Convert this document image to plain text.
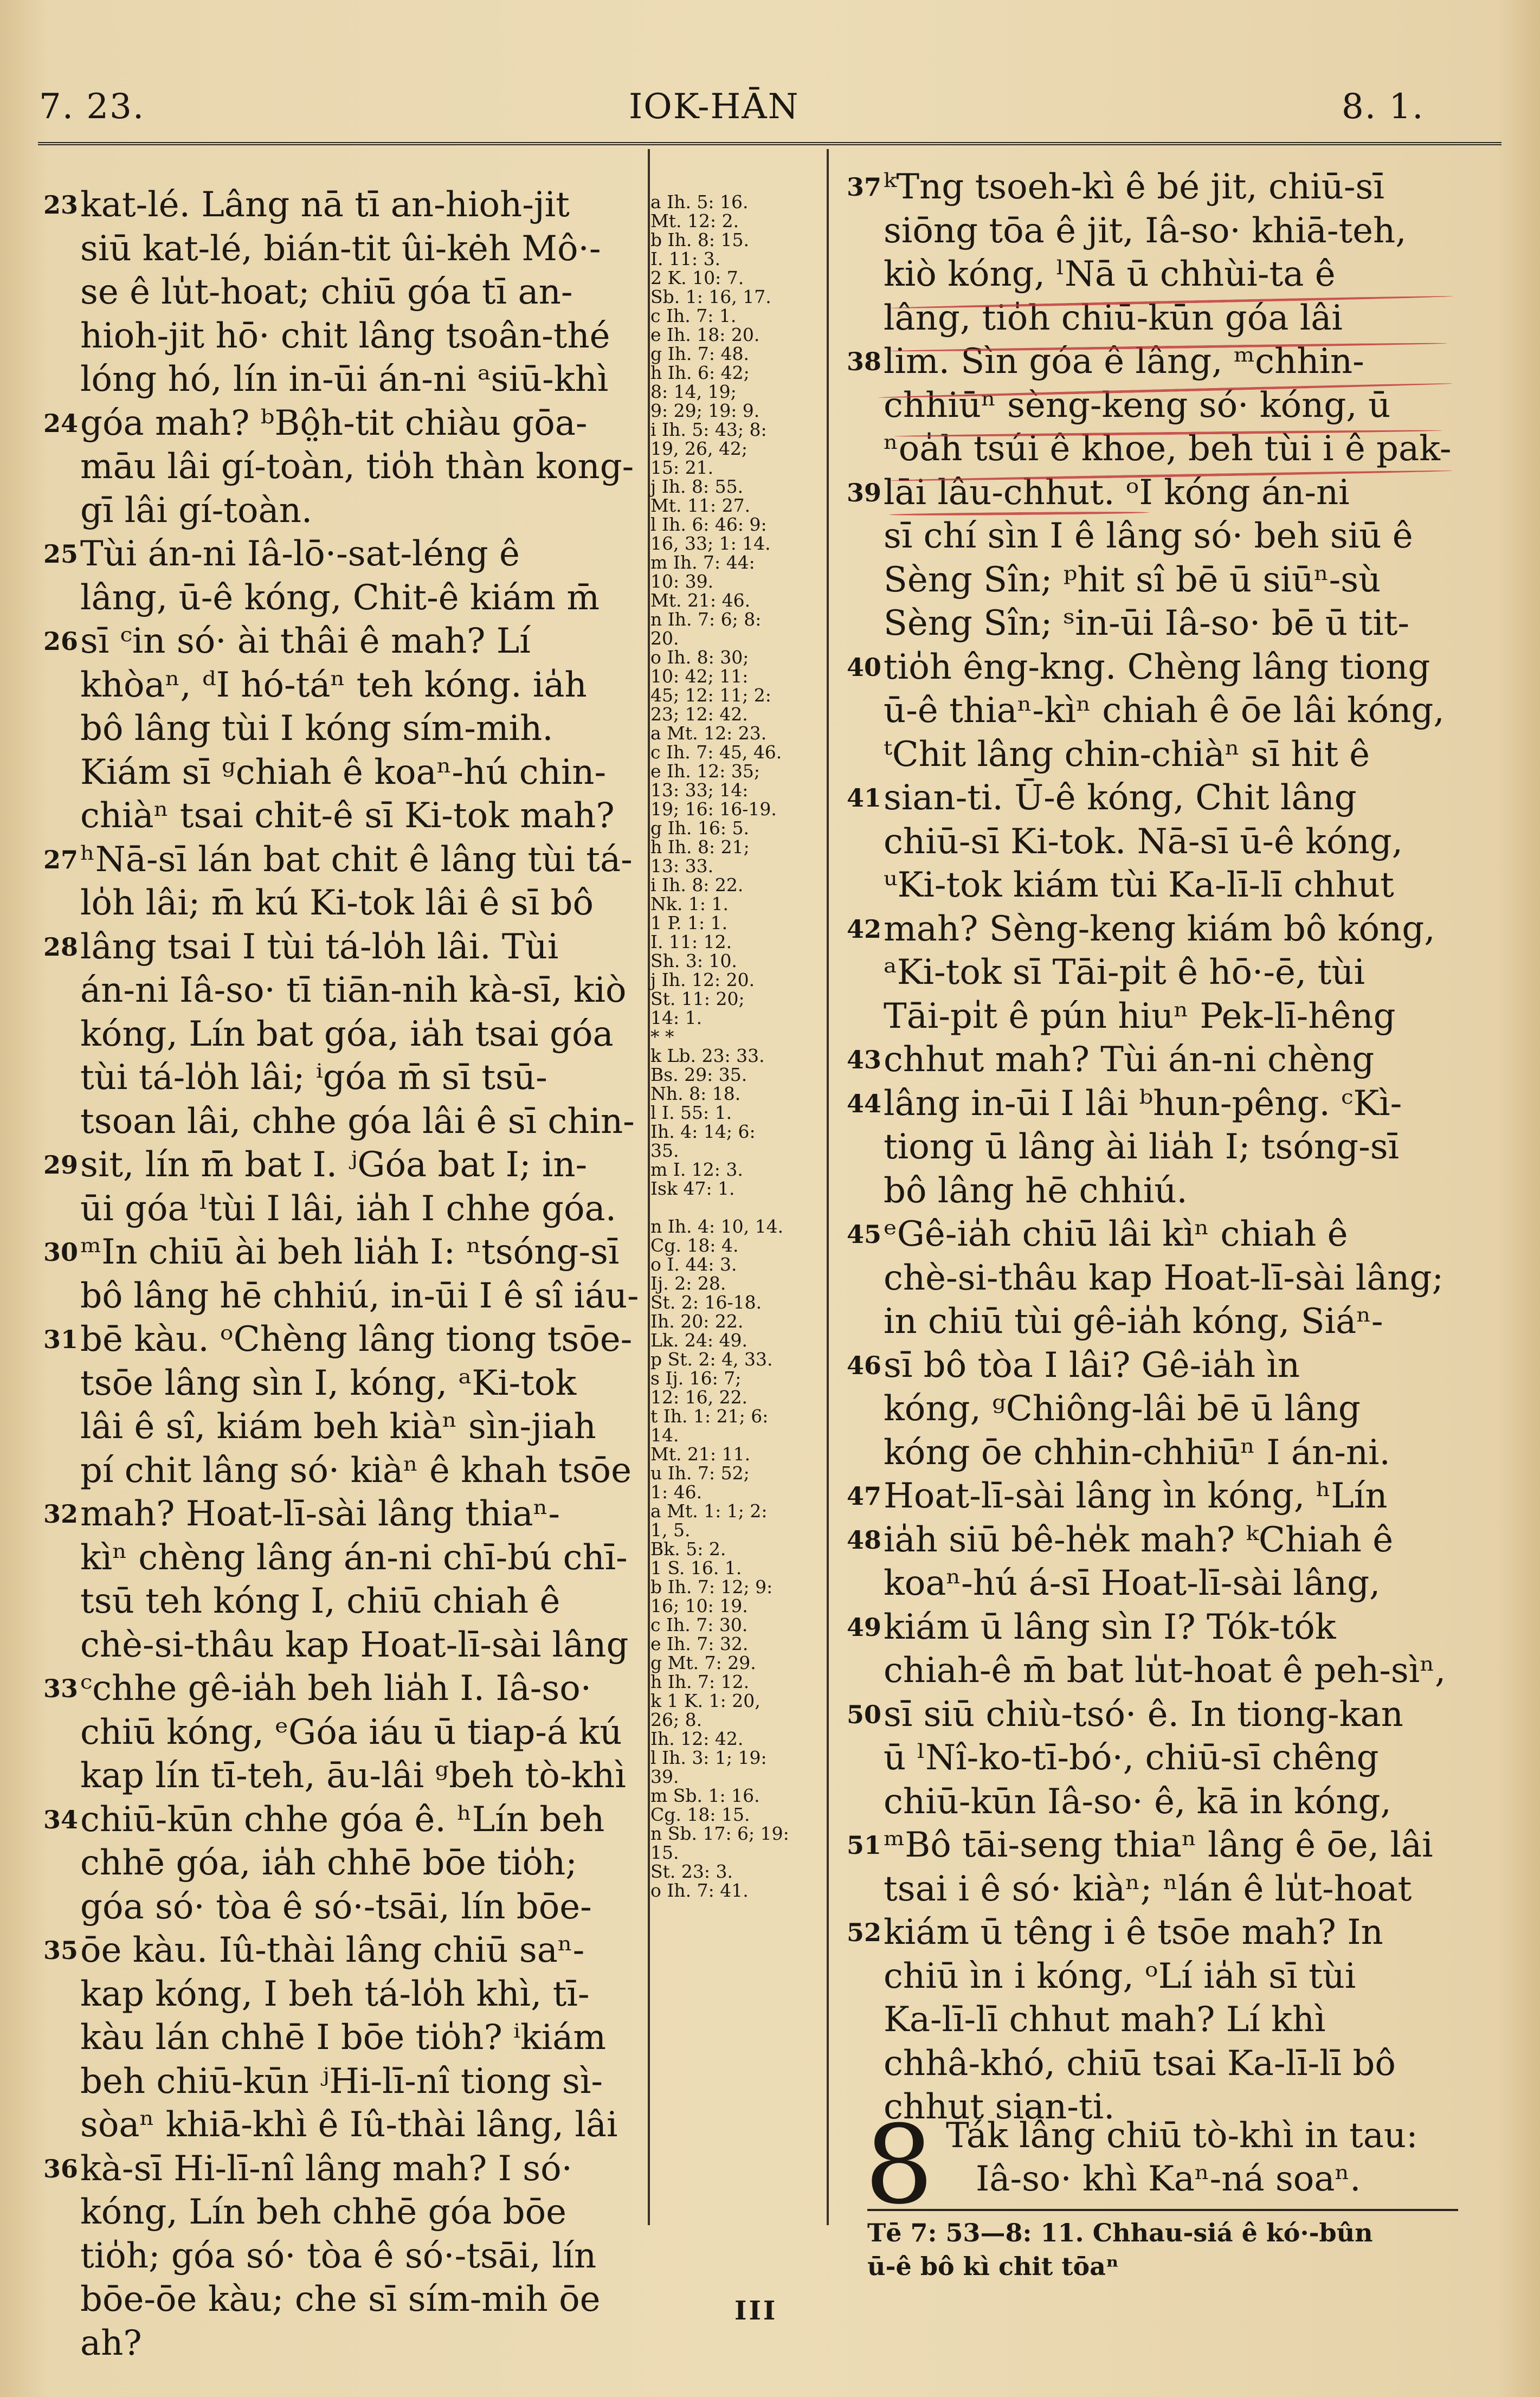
7. 23.	IOK-HĀN	8. 1.
23 kat-lé. Lâng nā tī an-hioh-jit
siū kat-lé, bián-tit ûi-kėh Mô·-
se ê lu̍t-hoat; chiū góa tī an-
hioh-jit hō· chit lâng tsoân-thé
lóng hó, lín in-ūi án-ni ᵃsiū-khì
24 góa mah? ᵇBô̤h-tit chiàu gōa-
māu lâi gí-toàn, tio̍h thàn kong-
gī lâi gí-toàn.
25 Tùi án-ni Iâ-lō·-sat-léng ê
lâng, ū-ê kóng, Chit-ê kiám m̄
26 sī ᶜin só· ài thâi ê mah? Lí
khòaⁿ, ᵈI hó-táⁿ teh kóng. ia̍h
bô lâng tùi I kóng sím-mih.
Kiám sī ᵍchiah ê koaⁿ-hú chin-
chiàⁿ tsai chit-ê sī Ki-tok mah?
27 ʰNā-sī lán bat chit ê lâng tùi tá-
lo̍h lâi; m̄ kú Ki-tok lâi ê sī bô
28 lâng tsai I tùi tá-lo̍h lâi. Tùi
án-ni Iâ-so· tī tiān-nih kà-sī, kiò
kóng, Lín bat góa, ia̍h tsai góa
tùi tá-lo̍h lâi; ⁱgóa m̄ sī tsū-
tsoan lâi, chhe góa lâi ê sī chin-
29 sit, lín m̄ bat I. ʲGóa bat I; in-
ūi góa ˡtùi I lâi, ia̍h I chhe góa.
30 ᵐIn chiū ài beh lia̍h I: ⁿtsóng-sī
bô lâng hē chhiú, in-ūi I ê sî iáu-
31 bē kàu. ᵒChèng lâng tiong tsōe-
tsōe lâng sìn I, kóng, ᵃKi-tok
lâi ê sî, kiám beh kiàⁿ sìn-jiah
pí chit lâng só· kiàⁿ ê khah tsōe
32 mah? Hoat-lī-sài lâng thiaⁿ-
kìⁿ chèng lâng án-ni chī-bú chī-
tsū teh kóng I, chiū chiah ê
chè-si-thâu kap Hoat-lī-sài lâng
33 ᶜchhe gê-ia̍h beh lia̍h I. Iâ-so·
chiū kóng, ᵉGóa iáu ū tiap-á kú
kap lín tī-teh, āu-lâi ᵍbeh tò-khì
34 chiū-kūn chhe góa ê. ʰLín beh
chhē góa, ia̍h chhē bōe tio̍h;
góa só· tòa ê só·-tsāi, lín bōe-
35 ōe kàu. Iû-thài lâng chiū saⁿ-
kap kóng, I beh tá-lo̍h khì, tī-
kàu lán chhē I bōe tio̍h? ⁱkiám
beh chiū-kūn ʲHi-lī-nî tiong sì-
sòaⁿ khiā-khì ê Iû-thài lâng, lâi
36 kà-sī Hi-lī-nî lâng mah? I só·
kóng, Lín beh chhē góa bōe
tio̍h; góa só· tòa ê só·-tsāi, lín
bōe-ōe kàu; che sī sím-mih ōe
ah?
a Ih. 5: 16.
Mt. 12: 2.
b Ih. 8: 15.
I. 11: 3.
2 K. 10: 7.
Sb. 1: 16, 17.
c Ih. 7: 1.
e Ih. 18: 20.
g Ih. 7: 48.
h Ih. 6: 42;
8: 14, 19;
9: 29; 19: 9.
i Ih. 5: 43; 8:
19, 26, 42;
15: 21.
j Ih. 8: 55.
Mt. 11: 27.
l Ih. 6: 46: 9:
16, 33; 1: 14.
m Ih. 7: 44:
10: 39.
Mt. 21: 46.
n Ih. 7: 6; 8:
20.
o Ih. 8: 30;
10: 42; 11:
45; 12: 11; 2:
23; 12: 42.
a Mt. 12: 23.
c Ih. 7: 45, 46.
e Ih. 12: 35;
13: 33; 14:
19; 16: 16-19.
g Ih. 16: 5.
h Ih. 8: 21;
13: 33.
i Ih. 8: 22.
Nk. 1: 1.
1 P. 1: 1.
I. 11: 12.
Sh. 3: 10.
j Ih. 12: 20.
St. 11: 20;
14: 1.
* *
k Lb. 23: 33.
Bs. 29: 35.
Nh. 8: 18.
l I. 55: 1.
Ih. 4: 14; 6:
35.
m I. 12: 3.
Isk 47: 1.
n Ih. 4: 10, 14.
Cg. 18: 4.
o I. 44: 3.
Ij. 2: 28.
St. 2: 16-18.
Ih. 20: 22.
Lk. 24: 49.
p St. 2: 4, 33.
s Ij. 16: 7;
12: 16, 22.
t Ih. 1: 21; 6:
14.
Mt. 21: 11.
u Ih. 7: 52;
1: 46.
a Mt. 1: 1; 2:
1, 5.
Bk. 5: 2.
1 S. 16. 1.
b Ih. 7: 12; 9:
16; 10: 19.
c Ih. 7: 30.
e Ih. 7: 32.
g Mt. 7: 29.
h Ih. 7: 12.
k 1 K. 1: 20,
26; 8.
Ih. 12: 42.
l Ih. 3: 1; 19:
39.
m Sb. 1: 16.
Cg. 18: 15.
n Sb. 17: 6; 19:
15.
St. 23: 3.
o Ih. 7: 41.
37 ᵏTng tsoeh-kì ê bé jit, chiū-sī
siōng tōa ê jit, Iâ-so· khiā-teh,
kiò kóng, ˡNā ū chhùi-ta ê
lâng, tio̍h chiū-kūn góa lâi
38 lim. Sìn góa ê lâng, ᵐchhin-
chhiūⁿ sèng-keng só· kóng, ū
ⁿoa̍h tsúi ê khoe, beh tùi i ê pak-
39 lāi lâu-chhut. ᵒI kóng án-ni
sī chí sìn I ê lâng só· beh siū ê
Sèng Sîn; ᵖhit sî bē ū siūⁿ-sù
Sèng Sîn; ˢin-ūi Iâ-so· bē ū tit-
40 tio̍h êng-kng. Chèng lâng tiong
ū-ê thiaⁿ-kìⁿ chiah ê ōe lâi kóng,
ᵗChit lâng chin-chiàⁿ sī hit ê
41 sian-ti. Ū-ê kóng, Chit lâng
chiū-sī Ki-tok. Nā-sī ū-ê kóng,
ᵘKi-tok kiám tùi Ka-lī-lī chhut
42 mah? Sèng-keng kiám bô kóng,
ᵃKi-tok sī Tāi-pi̍t ê hō·-ē, tùi
Tāi-pi̍t ê pún hiuⁿ Pek-lī-hêng
43 chhut mah? Tùi án-ni chèng
44 lâng in-ūi I lâi ᵇhun-pêng. ᶜKì-
tiong ū lâng ài lia̍h I; tsóng-sī
bô lâng hē chhiú.
45 ᵉGê-ia̍h chiū lâi kìⁿ chiah ê
chè-si-thâu kap Hoat-lī-sài lâng;
in chiū tùi gê-ia̍h kóng, Siáⁿ-
46 sī bô tòa I lâi? Gê-ia̍h ìn
kóng, ᵍChiông-lâi bē ū lâng
kóng ōe chhin-chhiūⁿ I án-ni.
47 Hoat-lī-sài lâng ìn kóng, ʰLín
48 ia̍h siū bê-he̍k mah? ᵏChiah ê
koaⁿ-hú á-sī Hoat-lī-sài lâng,
49 kiám ū lâng sìn I? Tók-tók
chiah-ê m̄ bat lu̍t-hoat ê peh-sìⁿ,
50 sī siū chiù-tsó· ê. In tiong-kan
ū ˡNî-ko-tī-bó·, chiū-sī chêng
chiū-kūn Iâ-so· ê, kā in kóng,
51 ᵐBô tāi-seng thiaⁿ lâng ê ōe, lâi
tsai i ê só· kiàⁿ; ⁿlán ê lu̍t-hoat
52 kiám ū têng i ê tsōe mah? In
chiū ìn i kóng, ᵒLí ia̍h sī tùi
Ka-lī-lī chhut mah? Lí khì
chhâ-khó, chiū tsai Ka-lī-lī bô
chhut sian-ti.
8 Ták lâng chiū tò-khì in tau:
Iâ-so· khì Kaⁿ-ná soaⁿ.
Tē 7: 53—8: 11. Chhau-siá ê kó·-bûn
ū-ê bô kì chit tōaⁿ
III
